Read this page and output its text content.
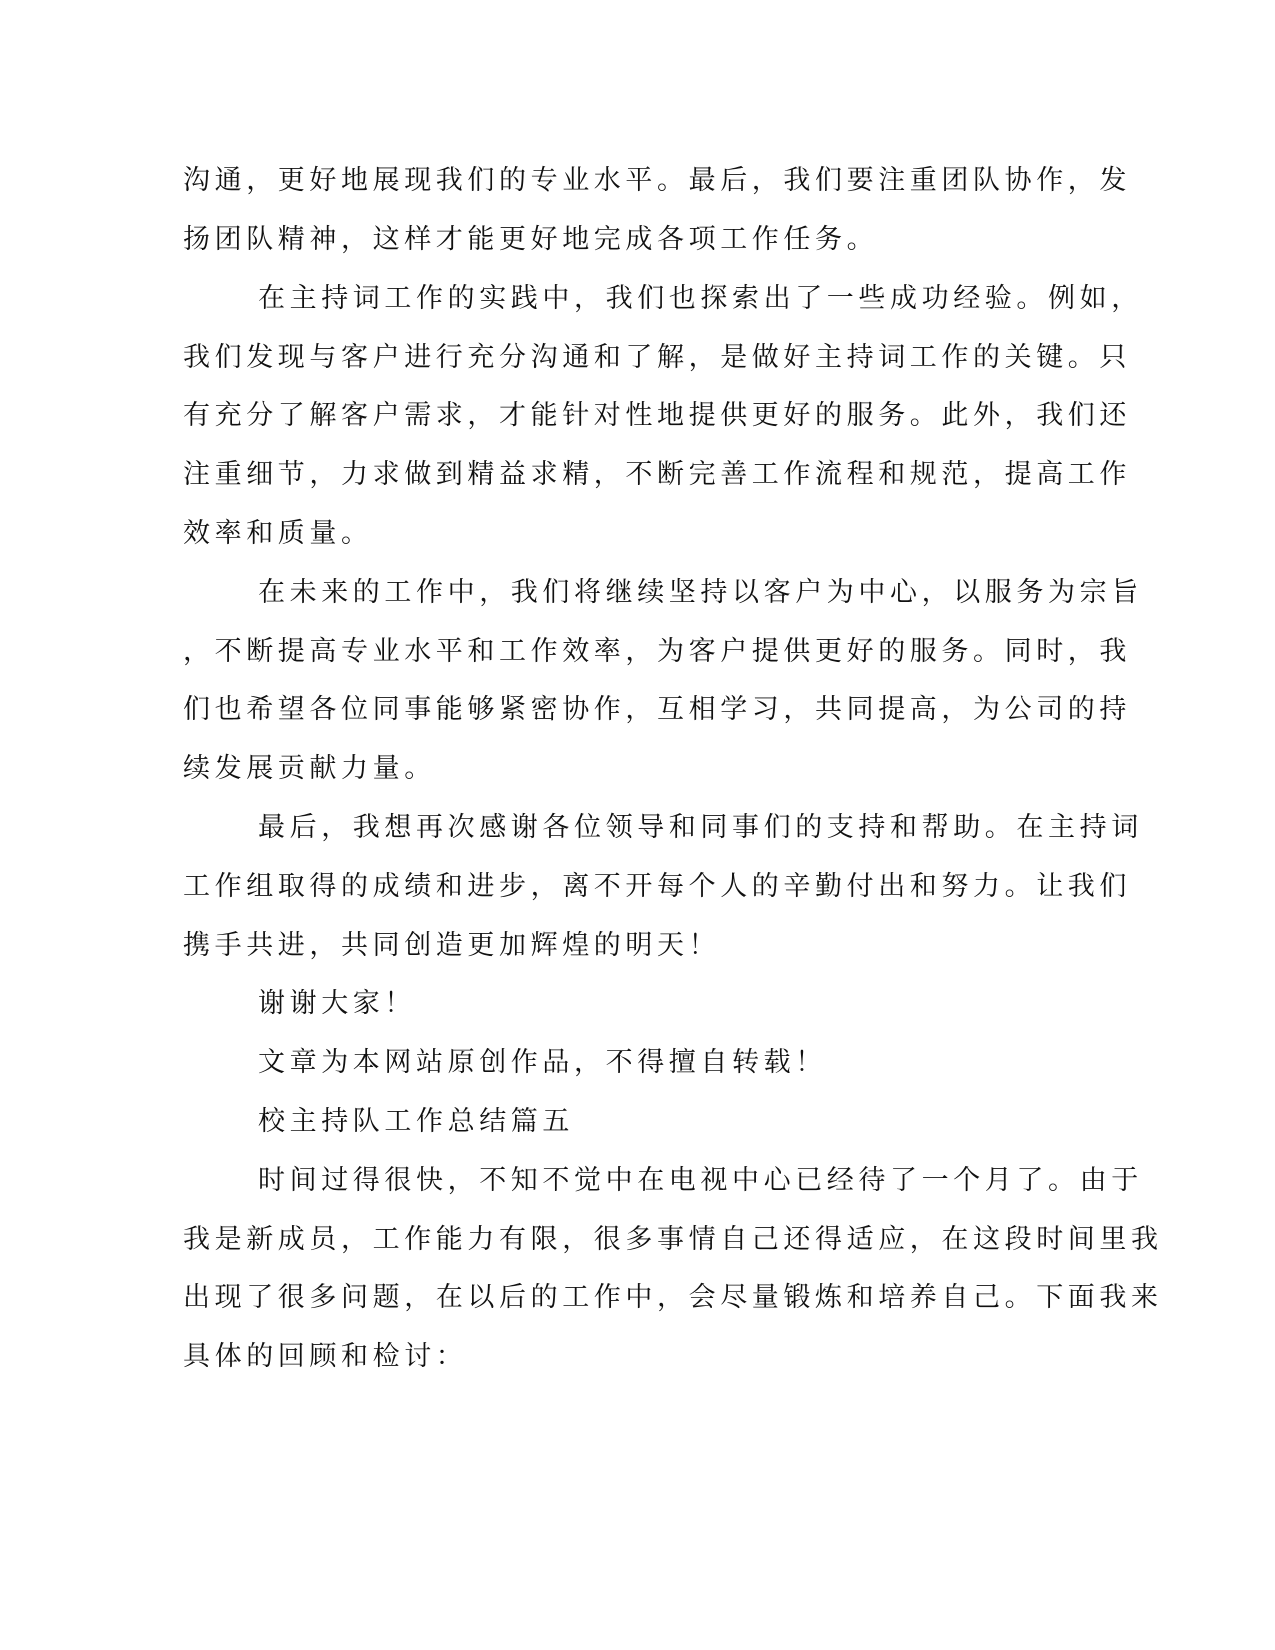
沟通，更好地展现我们的专业水平。最后，我们要注重团队协作，发
扬团队精神，这样才能更好地完成各项工作任务。
在主持词工作的实践中，我们也探索出了一些成功经验。例如，
我们发现与客户进行充分沟通和了解，是做好主持词工作的关键。只
有充分了解客户需求，才能针对性地提供更好的服务。此外，我们还
注重细节，力求做到精益求精，不断完善工作流程和规范，提高工作
效率和质量。
在未来的工作中，我们将继续坚持以客户为中心，以服务为宗旨
，不断提高专业水平和工作效率，为客户提供更好的服务。同时，我
们也希望各位同事能够紧密协作，互相学习，共同提高，为公司的持
续发展贡献力量。
最后，我想再次感谢各位领导和同事们的支持和帮助。在主持词
工作组取得的成绩和进步，离不开每个人的辛勤付出和努力。让我们
携手共进，共同创造更加辉煌的明天！
谢谢大家！
文章为本网站原创作品，不得擅自转载！
校主持队工作总结篇五
时间过得很快，不知不觉中在电视中心已经待了一个月了。由于
我是新成员，工作能力有限，很多事情自己还得适应，在这段时间里我
出现了很多问题，在以后的工作中，会尽量锻炼和培养自己。下面我来
具体的回顾和检讨：
